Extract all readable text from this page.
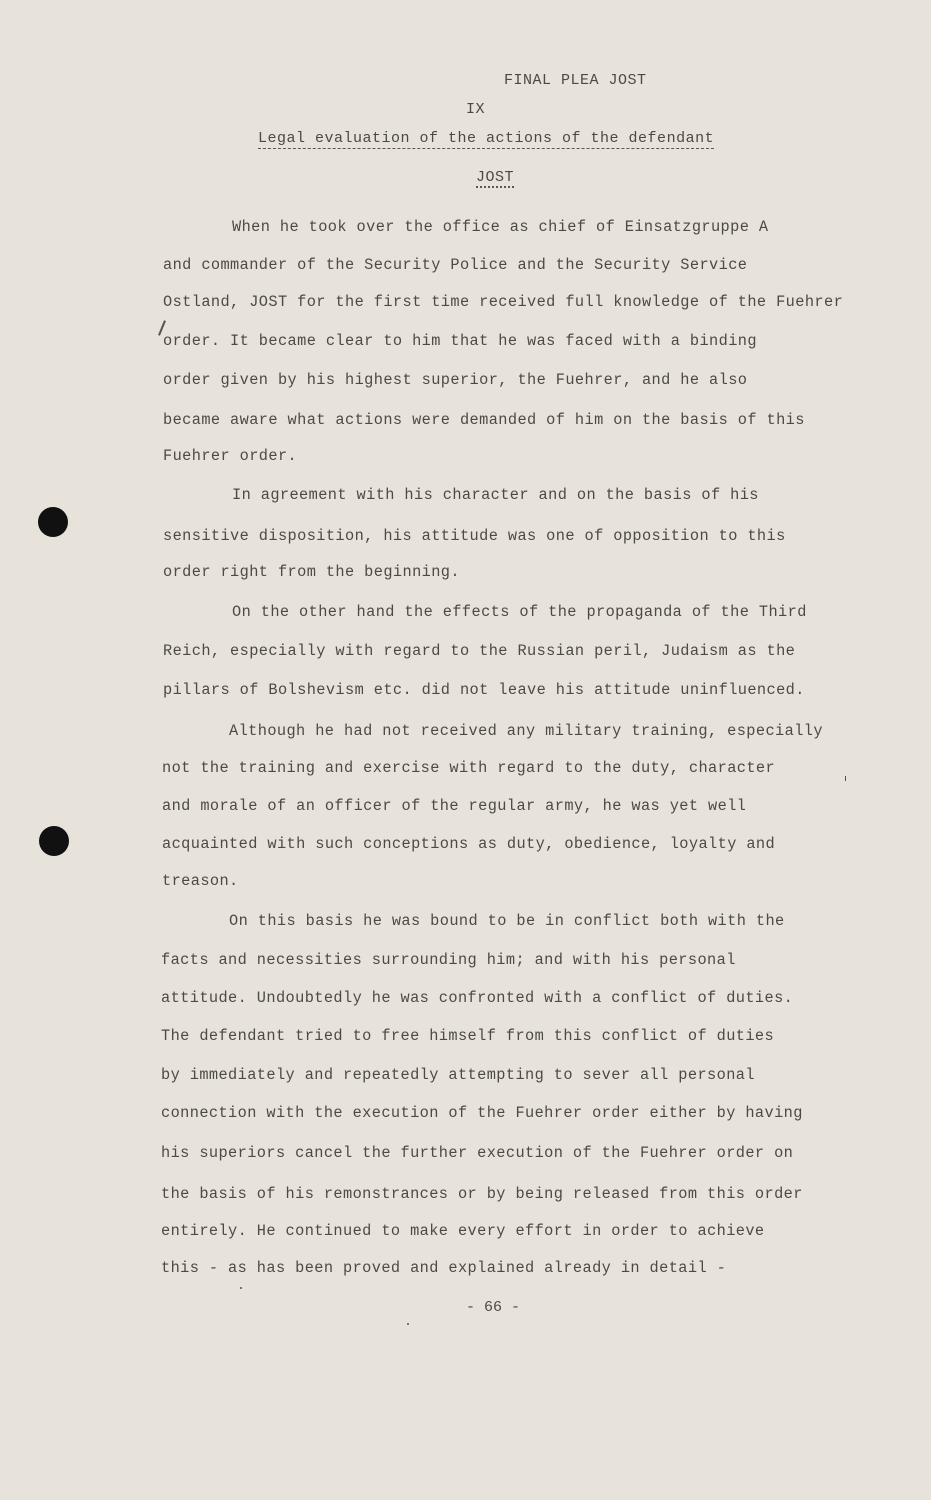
FINAL PLEA JOST
IX
Legal evaluation of the actions of the defendant
JOST
When he took over the office as chief of Einsatzgruppe A
and commander of the Security Police and the Security Service
Ostland, JOST for the first time received full knowledge of the Fuehrer
order. It became clear to him that he was faced with a binding
order given by his highest superior, the Fuehrer, and he also
became aware what actions were demanded of him on the basis of this
Fuehrer order.
In agreement with his character and on the basis of his
sensitive disposition, his attitude was one of opposition to this
order right from the beginning.
On the other hand the effects of the propaganda of the Third
Reich, especially with regard to the Russian peril, Judaism as the
pillars of Bolshevism etc. did not leave his attitude uninfluenced.
Although he had not received any military training, especially
not the training and exercise with regard to the duty, character
and morale of an officer of the regular army, he was yet well
acquainted with such conceptions as duty, obedience, loyalty and
treason.
On this basis he was bound to be in conflict both with the
facts and necessities surrounding him; and with his personal
attitude. Undoubtedly he was confronted with a conflict of duties.
The defendant tried to free himself from this conflict of duties
by immediately and repeatedly attempting to sever all personal
connection with the execution of the Fuehrer order either by having
his superiors cancel the further execution of the Fuehrer order on
the basis of his remonstrances or by being released from this order
entirely. He continued to make every effort in order to achieve
this - as has been proved and explained already in detail -
- 66 -
